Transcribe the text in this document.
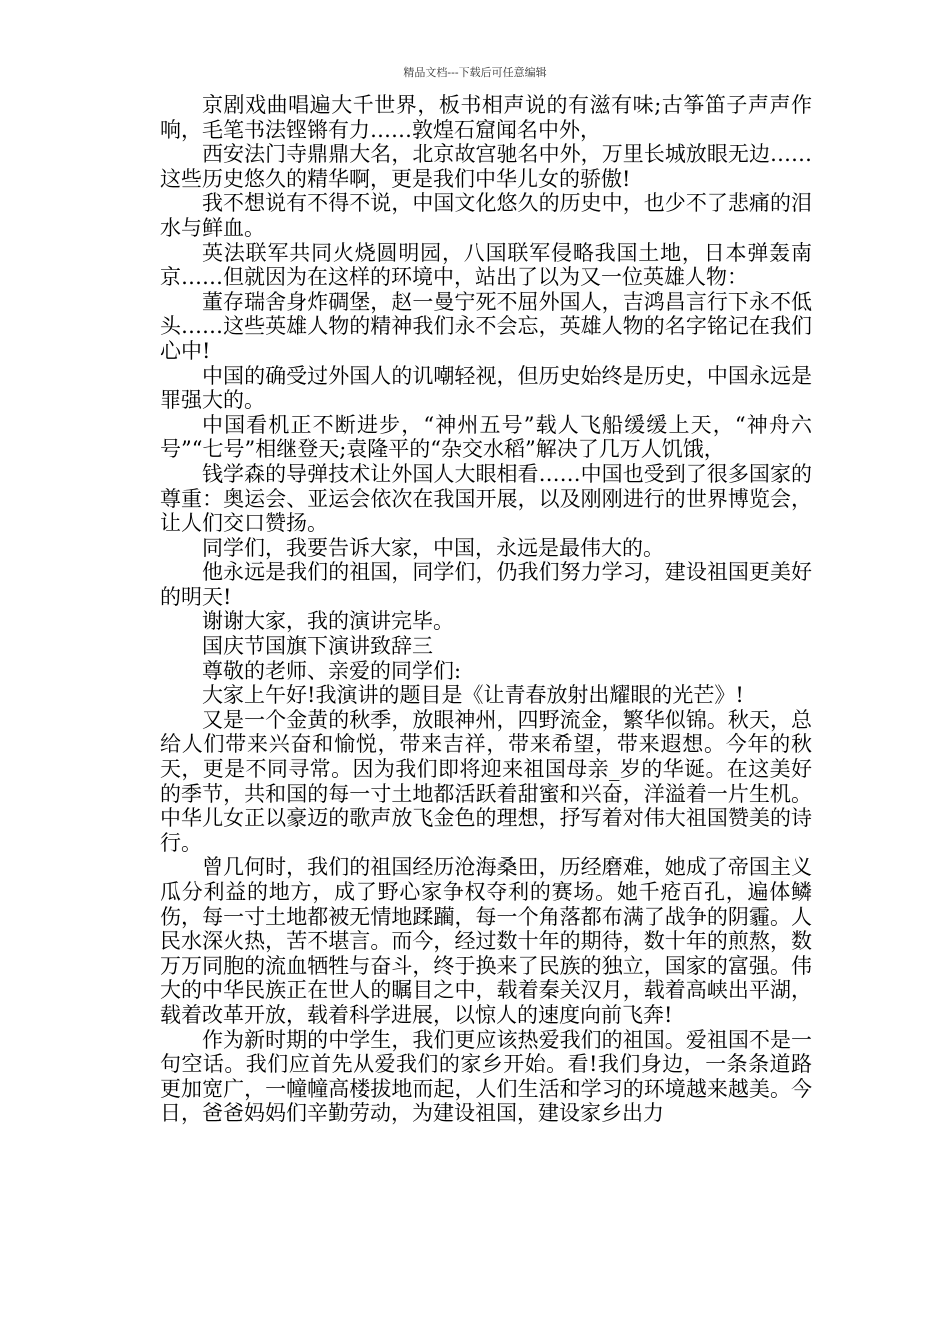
精品文档---下载后可任意编辑

京剧戏曲唱遍大千世界，板书相声说的有滋有味;古筝笛子声声作响，毛笔书法铿锵有力……敦煌石窟闻名中外，

西安法门寺鼎鼎大名，北京故宫驰名中外，万里长城放眼无边……这些历史悠久的精华啊，更是我们中华儿女的骄傲!

我不想说有不得不说，中国文化悠久的历史中，也少不了悲痛的泪水与鲜血。

英法联军共同火烧圆明园，八国联军侵略我国土地，日本弹轰南京……但就因为在这样的环境中，站出了以为又一位英雄人物：

董存瑞舍身炸碉堡，赵一曼宁死不屈外国人，吉鸿昌言行下永不低头……这些英雄人物的精神我们永不会忘，英雄人物的名字铭记在我们心中!

中国的确受过外国人的讥嘲轻视，但历史始终是历史，中国永远是罪强大的。

中国看机正不断进步，“神州五号”载人飞船缓缓上天，“神舟六号”“七号”相继登天;袁隆平的“杂交水稻”解决了几万人饥饿，

钱学森的导弹技术让外国人大眼相看……中国也受到了很多国家的尊重：奥运会、亚运会依次在我国开展，以及刚刚进行的世界博览会，让人们交口赞扬。

同学们，我要告诉大家，中国，永远是最伟大的。

他永远是我们的祖国，同学们，仍我们努力学习，建设祖国更美好的明天!

谢谢大家，我的演讲完毕。

国庆节国旗下演讲致辞三

尊敬的老师、亲爱的同学们:

大家上午好!我演讲的题目是《让青春放射出耀眼的光芒》!

又是一个金黄的秋季，放眼神州，四野流金，繁华似锦。秋天，总给人们带来兴奋和愉悦，带来吉祥，带来希望，带来遐想。今年的秋天，更是不同寻常。因为我们即将迎来祖国母亲_岁的华诞。在这美好的季节，共和国的每一寸土地都活跃着甜蜜和兴奋，洋溢着一片生机。中华儿女正以豪迈的歌声放飞金色的理想，抒写着对伟大祖国赞美的诗行。

曾几何时，我们的祖国经历沧海桑田，历经磨难，她成了帝国主义瓜分利益的地方，成了野心家争权夺利的赛场。她千疮百孔，遍体鳞伤，每一寸土地都被无情地蹂躏，每一个角落都布满了战争的阴霾。人民水深火热，苦不堪言。而今，经过数十年的期待，数十年的煎熬，数万万同胞的流血牺牲与奋斗，终于换来了民族的独立，国家的富强。伟大的中华民族正在世人的瞩目之中，载着秦关汉月，载着高峡出平湖，载着改革开放，载着科学进展，以惊人的速度向前飞奔!

作为新时期的中学生，我们更应该热爱我们的祖国。爱祖国不是一句空话。我们应首先从爱我们的家乡开始。看!我们身边，一条条道路更加宽广，一幢幢高楼拔地而起，人们生活和学习的环境越来越美。今日，爸爸妈妈们辛勤劳动，为建设祖国，建设家乡出力
